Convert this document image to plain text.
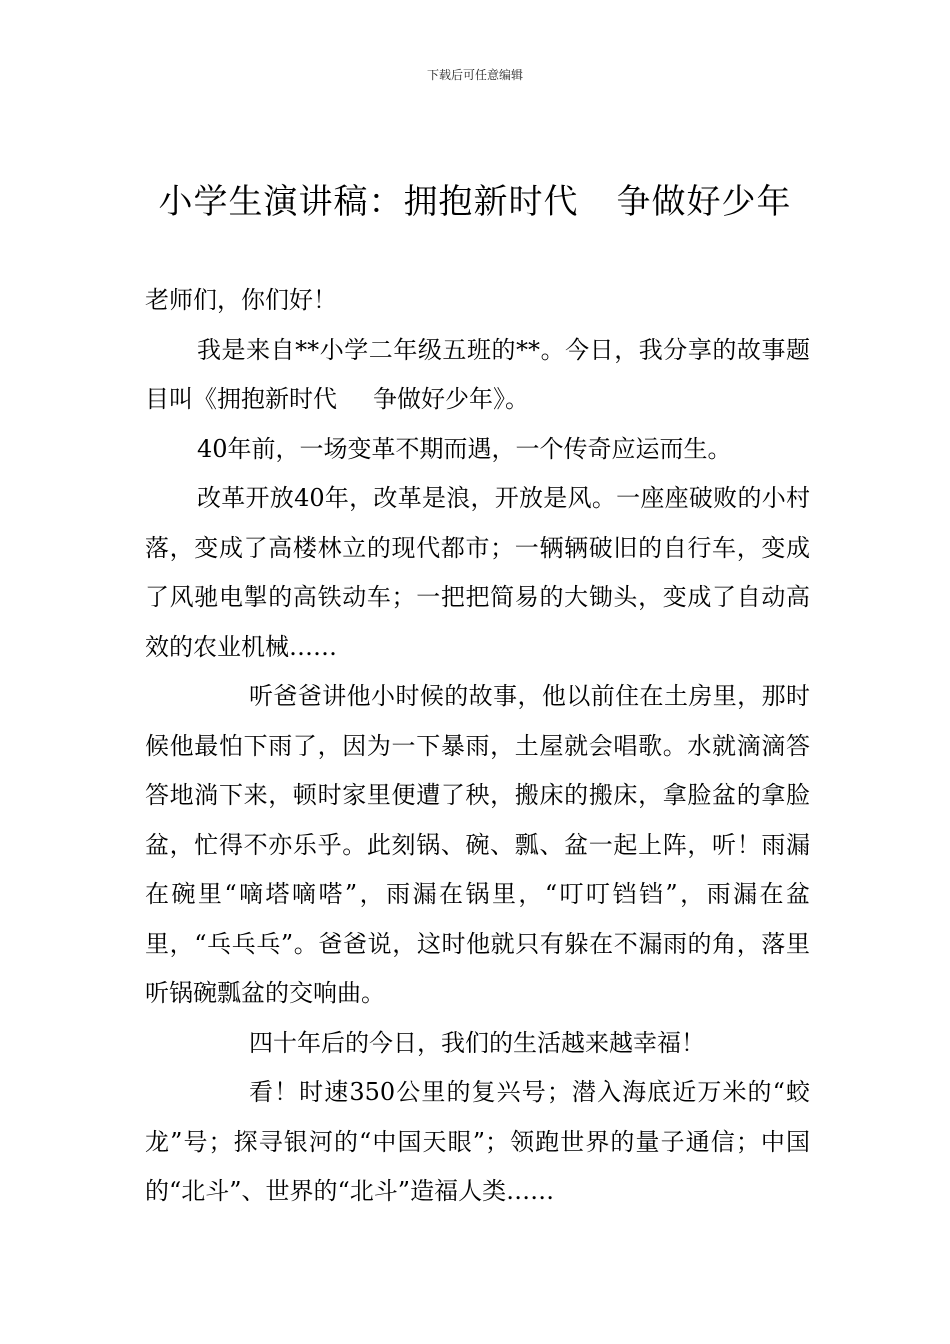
下载后可任意编辑
小学生演讲稿：拥抱新时代 争做好少年

老师们，你们好！

我是来自**小学二年级五班的**。今日，我分享的故事题目叫《拥抱新时代 争做好少年》。

40年前，一场变革不期而遇，一个传奇应运而生。

改革开放40年，改革是浪，开放是风。一座座破败的小村落，变成了高楼林立的现代都市；一辆辆破旧的自行车，变成了风驰电掣的高铁动车；一把把简易的大锄头，变成了自动高效的农业机械……

听爸爸讲他小时候的故事，他以前住在土房里，那时候他最怕下雨了，因为一下暴雨，土屋就会唱歌。水就滴滴答答地淌下来，顿时家里便遭了秧，搬床的搬床，拿脸盆的拿脸盆，忙得不亦乐乎。此刻锅、碗、瓢、盆一起上阵，听！雨漏在碗里“嘀塔嘀嗒”，雨漏在锅里，“叮叮铛铛”，雨漏在盆里，“乓乓乓”。爸爸说，这时他就只有躲在不漏雨的角，落里听锅碗瓢盆的交响曲。

四十年后的今日，我们的生活越来越幸福！

看！时速350公里的复兴号；潜入海底近万米的“蛟龙”号；探寻银河的“中国天眼”；领跑世界的量子通信；中国的“北斗”、世界的“北斗”造福人类……
